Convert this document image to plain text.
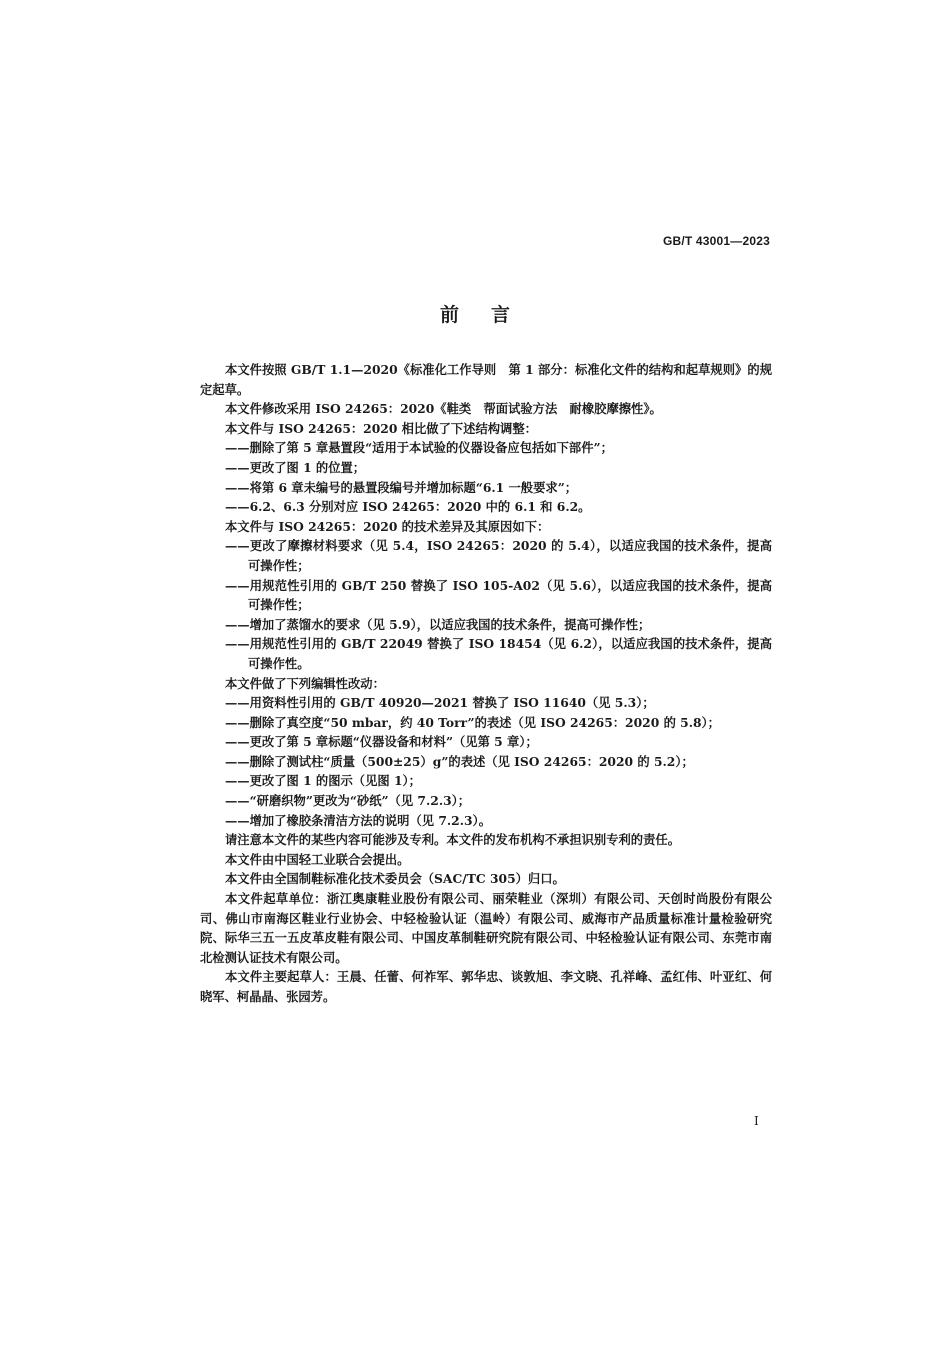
GB/T 43001—2023
前 言

本文件按照 GB/T 1.1—2020《标准化工作导则　第 1 部分：标准化文件的结构和起草规则》的规定起草。

本文件修改采用 ISO 24265：2020《鞋类　帮面试验方法　耐橡胶摩擦性》。

本文件与 ISO 24265：2020 相比做了下述结构调整：

——删除了第 5 章悬置段“适用于本试验的仪器设备应包括如下部件”；

——更改了图 1 的位置；

——将第 6 章未编号的悬置段编号并增加标题“6.1 一般要求”；

——6.2、6.3 分别对应 ISO 24265：2020 中的 6.1 和 6.2。

本文件与 ISO 24265：2020 的技术差异及其原因如下：

——更改了摩擦材料要求（见 5.4，ISO 24265：2020 的 5.4），以适应我国的技术条件，提高可操作性；

——用规范性引用的 GB/T 250 替换了 ISO 105-A02（见 5.6），以适应我国的技术条件，提高可操作性；

——增加了蒸馏水的要求（见 5.9），以适应我国的技术条件，提高可操作性；

——用规范性引用的 GB/T 22049 替换了 ISO 18454（见 6.2），以适应我国的技术条件，提高可操作性。

本文件做了下列编辑性改动：

——用资料性引用的 GB/T 40920—2021 替换了 ISO 11640（见 5.3）；

——删除了真空度“50 mbar，约 40 Torr”的表述（见 ISO 24265：2020 的 5.8）；

——更改了第 5 章标题“仪器设备和材料”（见第 5 章）；

——删除了测试柱“质量（500±25）g”的表述（见 ISO 24265：2020 的 5.2）；

——更改了图 1 的图示（见图 1）；

——“研磨织物”更改为“砂纸”（见 7.2.3）；

——增加了橡胶条清洁方法的说明（见 7.2.3）。

请注意本文件的某些内容可能涉及专利。本文件的发布机构不承担识别专利的责任。

本文件由中国轻工业联合会提出。

本文件由全国制鞋标准化技术委员会（SAC/TC 305）归口。

本文件起草单位：浙江奥康鞋业股份有限公司、丽荣鞋业（深圳）有限公司、天创时尚股份有限公司、佛山市南海区鞋业行业协会、中轻检验认证（温岭）有限公司、威海市产品质量标准计量检验研究院、际华三五一五皮革皮鞋有限公司、中国皮革制鞋研究院有限公司、中轻检验认证有限公司、东莞市南北检测认证技术有限公司。

本文件主要起草人：王晨、任蕾、何祚军、郭华忠、谈敦旭、李文晓、孔祥峰、孟红伟、叶亚红、何晓军、柯晶晶、张园芳。

I
